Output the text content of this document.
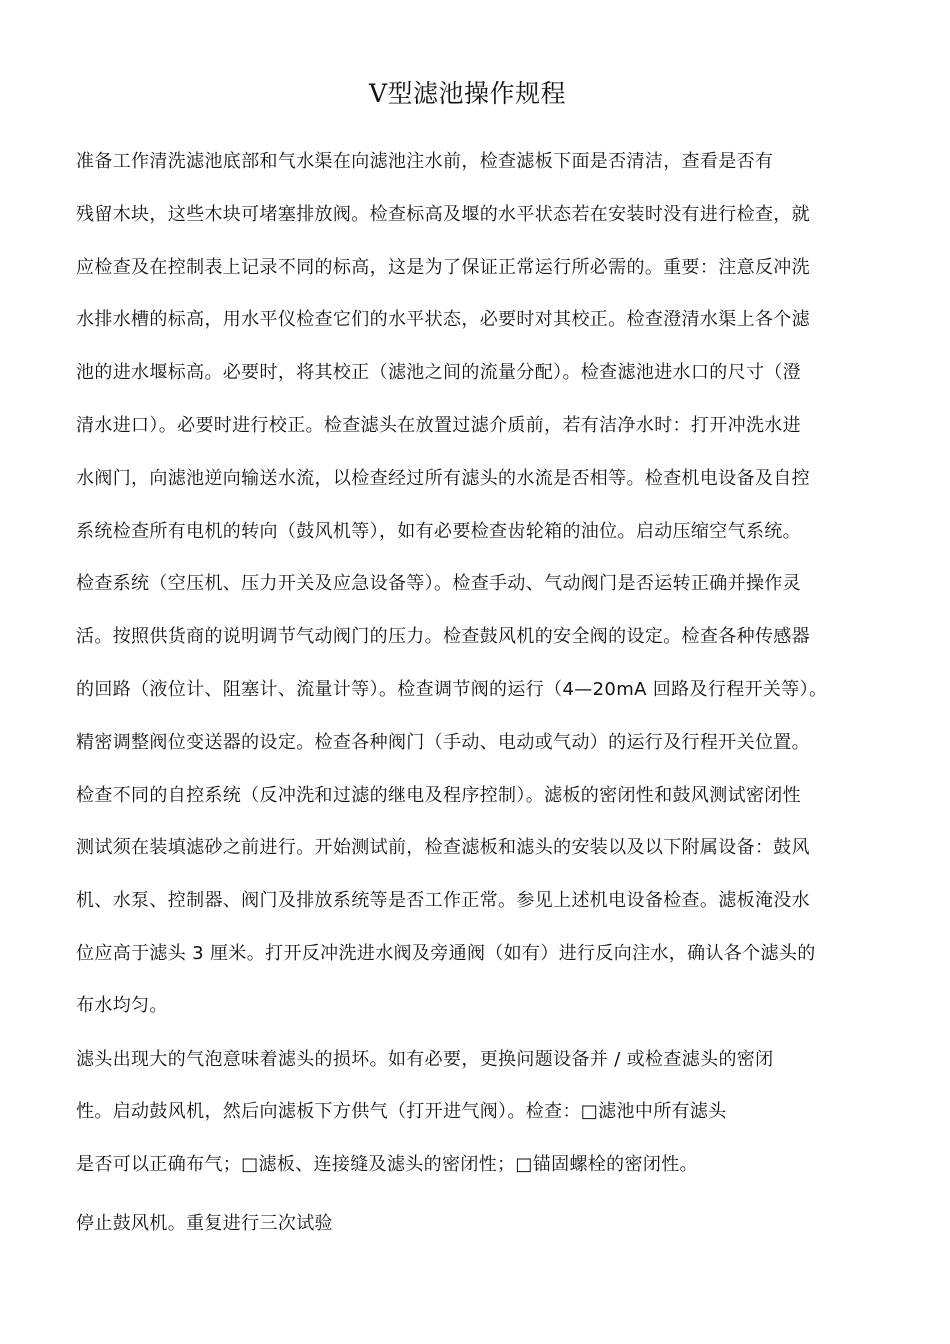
V型滤池操作规程
准备工作清洗滤池底部和气水渠在向滤池注水前，检查滤板下面是否清洁，查看是否有
残留木块，这些木块可堵塞排放阀。检查标高及堰的水平状态若在安装时没有进行检查，就
应检查及在控制表上记录不同的标高，这是为了保证正常运行所必需的。重要：注意反冲洗
水排水槽的标高，用水平仪检查它们的水平状态，必要时对其校正。检查澄清水渠上各个滤
池的进水堰标高。必要时，将其校正（滤池之间的流量分配）。检查滤池进水口的尺寸（澄
清水进口）。必要时进行校正。检查滤头在放置过滤介质前，若有洁净水时：打开冲洗水进
水阀门，向滤池逆向输送水流，以检查经过所有滤头的水流是否相等。检查机电设备及自控
系统检查所有电机的转向（鼓风机等），如有必要检查齿轮箱的油位。启动压缩空气系统。
检查系统（空压机、压力开关及应急设备等）。检查手动、气动阀门是否运转正确并操作灵
活。按照供货商的说明调节气动阀门的压力。检查鼓风机的安全阀的设定。检查各种传感器
的回路（液位计、阻塞计、流量计等）。检查调节阀的运行（4—20mA 回路及行程开关等）。
精密调整阀位变送器的设定。检查各种阀门（手动、电动或气动）的运行及行程开关位置。
检查不同的自控系统（反冲洗和过滤的继电及程序控制）。滤板的密闭性和鼓风测试密闭性
测试须在装填滤砂之前进行。开始测试前，检查滤板和滤头的安装以及以下附属设备：鼓风
机、水泵、控制器、阀门及排放系统等是否工作正常。参见上述机电设备检查。滤板淹没水
位应高于滤头 3 厘米。打开反冲洗进水阀及旁通阀（如有）进行反向注水，确认各个滤头的
布水均匀。
滤头出现大的气泡意味着滤头的损坏。如有必要，更换问题设备并 / 或检查滤头的密闭
性。启动鼓风机，然后向滤板下方供气（打开进气阀）。检查：□滤池中所有滤头
是否可以正确布气；□滤板、连接缝及滤头的密闭性；□锚固螺栓的密闭性。
停止鼓风机。重复进行三次试验
